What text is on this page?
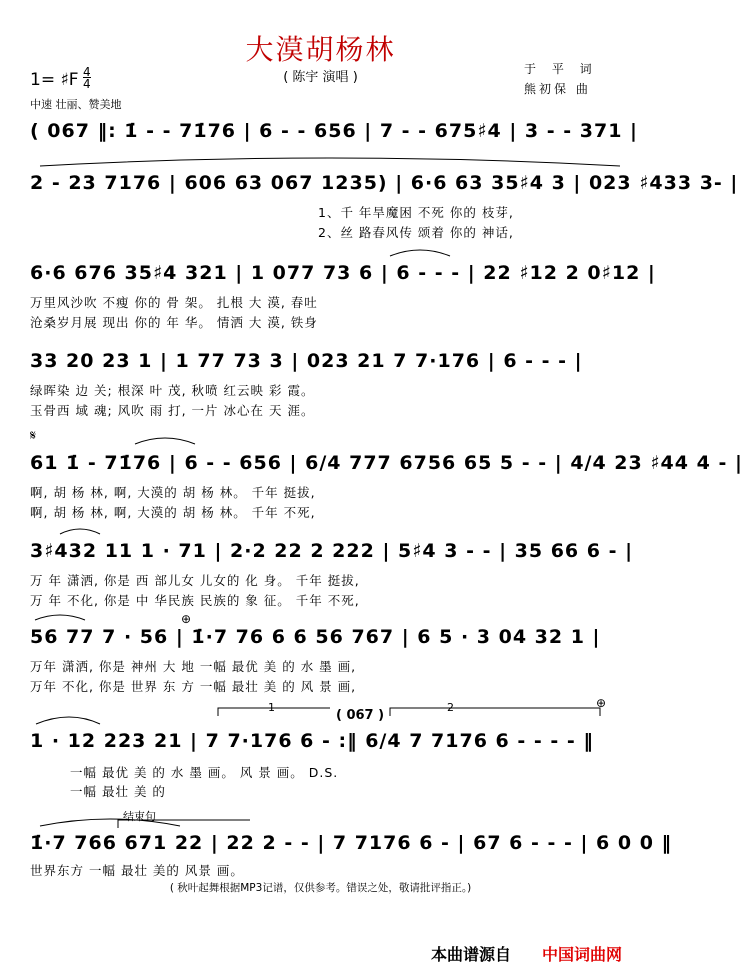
大漠胡杨林
( 陈宇 演唱 )
1= ♯F 4
4
中速 壮丽、赞美地
于 平 词
熊初保 曲
( 067 ‖: 1̇ - - 71̇76 | 6 - - 656 | 7 - - 675♯4 | 3 - - 371 |
2 - 23 7176 | 606 63 067 1235) | 6·6 63 35♯4 3 | 023 ♯433 3- |
1、千 年旱魔困 不死 你的 枝芽,
2、丝 路春风传 颂着 你的 神话,
6·6 676 35♯4 321 | 1 077 73 6 | 6 - - - | 22 ♯12 2 0♯12 |
万里风沙吹 不瘦 你的 骨 架。 扎根 大 漠, 春吐
沧桑岁月展 现出 你的 年 华。 情洒 大 漠, 铁身
33 20 23 1 | 1 77 73 3 | 023 21 7 7·176 | 6 - - - |
绿晖染 边 关; 根深 叶 茂, 秋喷 红云映 彩 霞。
玉骨西 域 魂; 风吹 雨 打, 一片 冰心在 天 涯。
𝄋
61 1̇ - 71̇76 | 6 - - 656 | 6/4 777 6756 65 5 - - | 4/4 23 ♯44 4 - |
啊, 胡 杨 林, 啊, 大漠的 胡 杨 林。 千年 挺拔,
啊, 胡 杨 林, 啊, 大漠的 胡 杨 林。 千年 不死,
3♯432 11 1 · 71 | 2·2 22 2 222 | 5♯4 3 - - | 35 66 6 - |
万 年 潇洒, 你是 西 部儿女 儿女的 化 身。 千年 挺拔,
万 年 不化, 你是 中 华民族 民族的 象 征。 千年 不死,
⊕
56 77 7 · 56 | 1̇·7 76 6 6 56 767 | 6 5 · 3 04 32 1 |
万年 潇洒, 你是 神州 大 地 一幅 最优 美 的 水 墨 画,
万年 不化, 你是 世界 东 方 一幅 最壮 美 的 风 景 画,
1	2
( 067 )
⊕
1 · 12 223 21 | 7 7·176 6 - :‖ 6/4 7 7176 6 - - - - ‖
一幅 最优 美 的 水 墨 画。 风 景 画。 D.S.
一幅 最壮 美 的
结束句
1̇·7 766 671 22 | 22 2 - - | 7 7176 6 - | 67 6 - - - | 6 0 0 ‖
世界东方 一幅 最壮 美的 风景 画。
( 秋叶起舞根据MP3记谱，仅供参考。错误之处，敬请批评指正。)
本曲谱源自 中国词曲网
